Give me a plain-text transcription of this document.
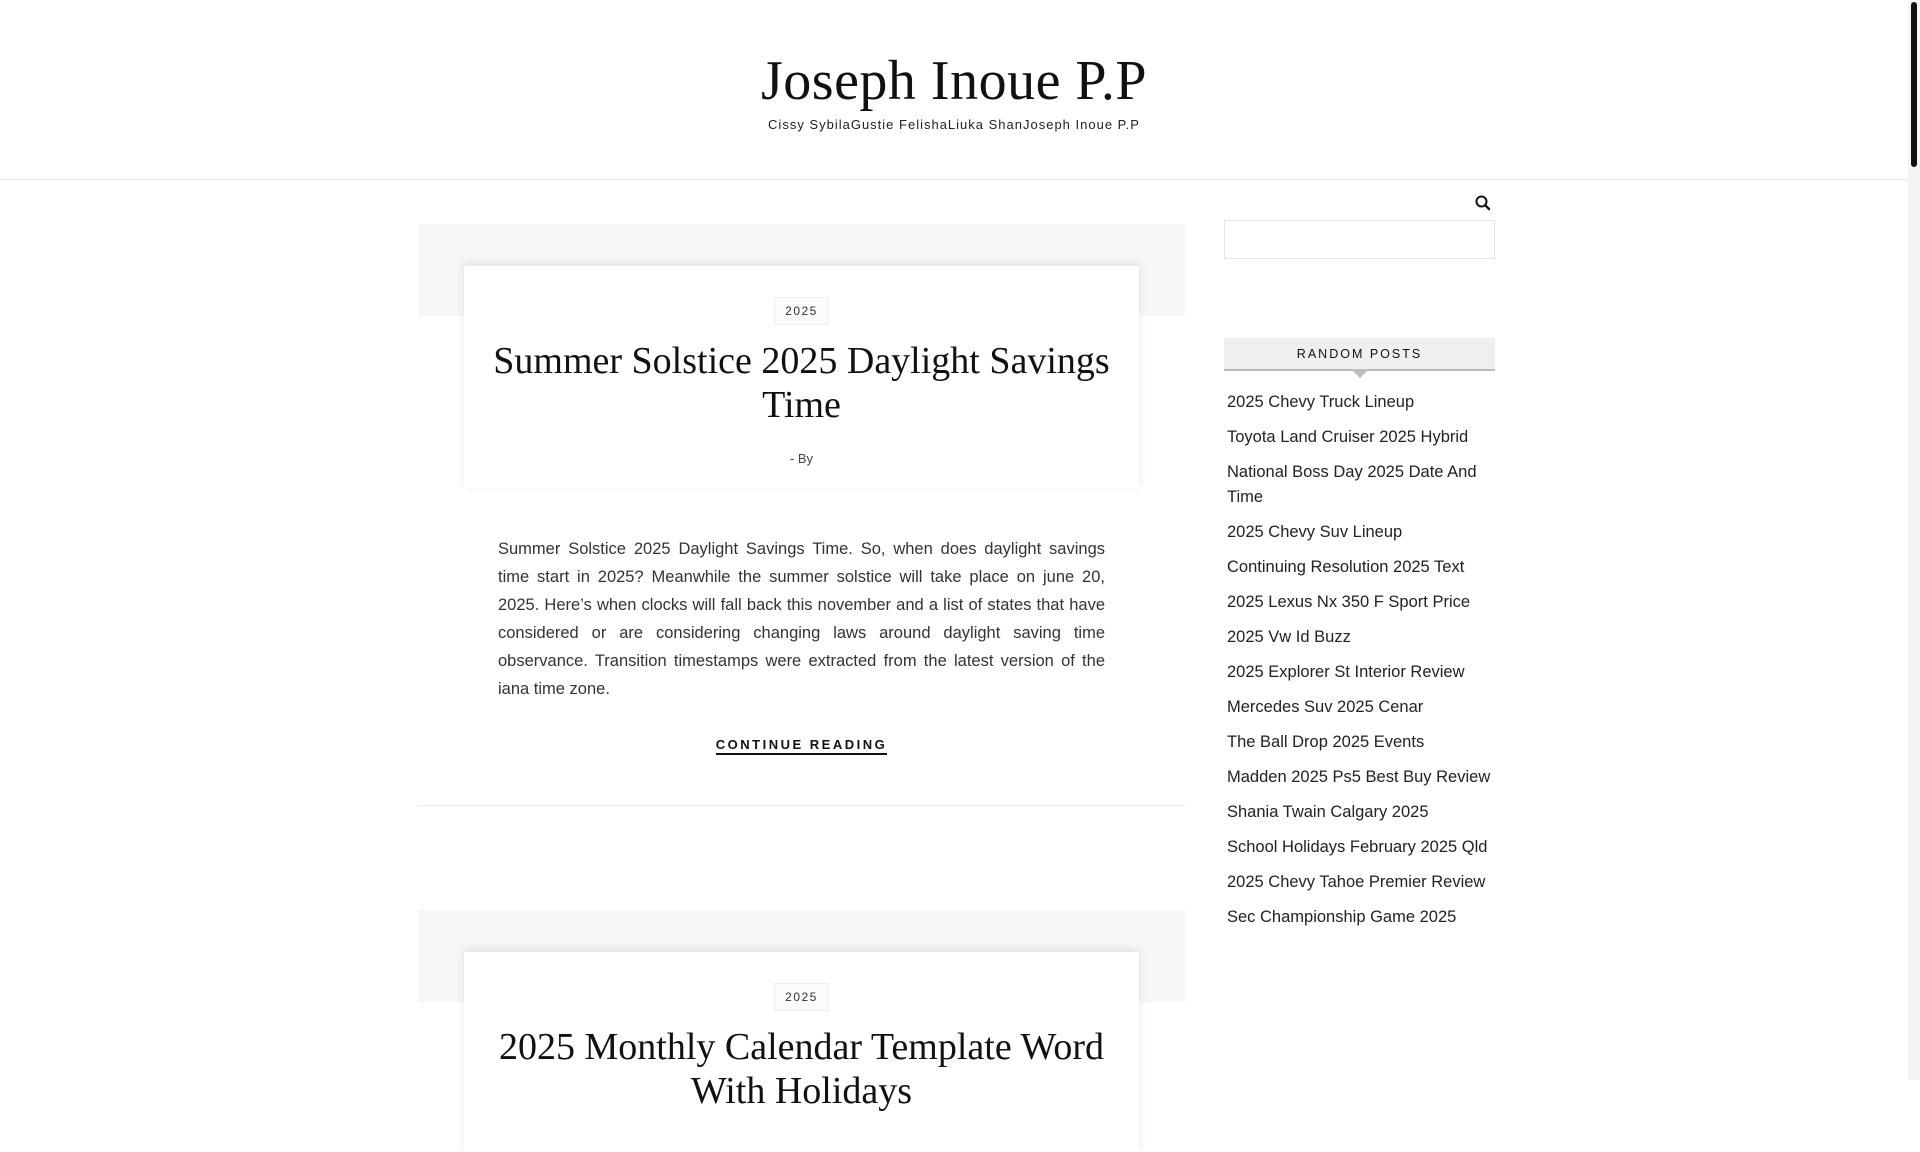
Joseph Inoue P.P
Cissy SybilaGustie FelishaLiuka ShanJoseph Inoue P.P
2025
Summer Solstice 2025 Daylight Savings Time
- By

Summer Solstice 2025 Daylight Savings Time. So, when does daylight savings time start in 2025? Meanwhile the summer solstice will take place on june 20, 2025. Here’s when clocks will fall back this november and a list of states that have considered or are considering changing laws around daylight saving time observance. Transition timestamps were extracted from the latest version of the iana time zone.

CONTINUE READING
2025
2025 Monthly Calendar Template Word With Holidays
RANDOM POSTS
2025 Chevy Truck Lineup
Toyota Land Cruiser 2025 Hybrid
National Boss Day 2025 Date And Time
2025 Chevy Suv Lineup
Continuing Resolution 2025 Text
2025 Lexus Nx 350 F Sport Price
2025 Vw Id Buzz
2025 Explorer St Interior Review
Mercedes Suv 2025 Cenar
The Ball Drop 2025 Events
Madden 2025 Ps5 Best Buy Review
Shania Twain Calgary 2025
School Holidays February 2025 Qld
2025 Chevy Tahoe Premier Review
Sec Championship Game 2025
